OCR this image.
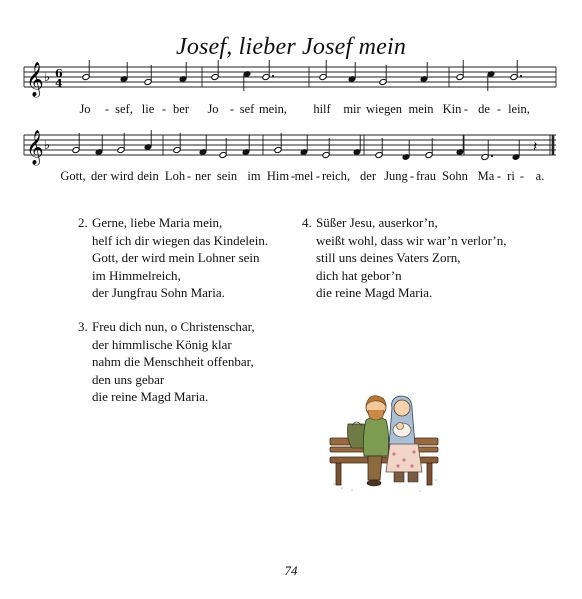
Josef, lieber Josef mein
𝄞 ♭ 6
4
𝄞 ♭	𝄽
Jo - sef, lie - ber Jo - sef mein, hilf mir wiegen mein Kin - de - lein,
Gott, der wird dein Loh - ner sein im Him - mel - reich, der Jung - frau Sohn Ma - ri - a.
2. Gerne, liebe Maria mein,
helf ich dir wiegen das Kindelein.
Gott, der wird mein Lohner sein
im Himmelreich,
der Jungfrau Sohn Maria.
3. Freu dich nun, o Christenschar,
der himmlische König klar
nahm die Menschheit offenbar,
den uns gebar
die reine Magd Maria.
4. Süßer Jesu, auserkor’n,
weißt wohl, dass wir war’n verlor’n,
still uns deines Vaters Zorn,
dich hat gebor’n
die reine Magd Maria.
74
